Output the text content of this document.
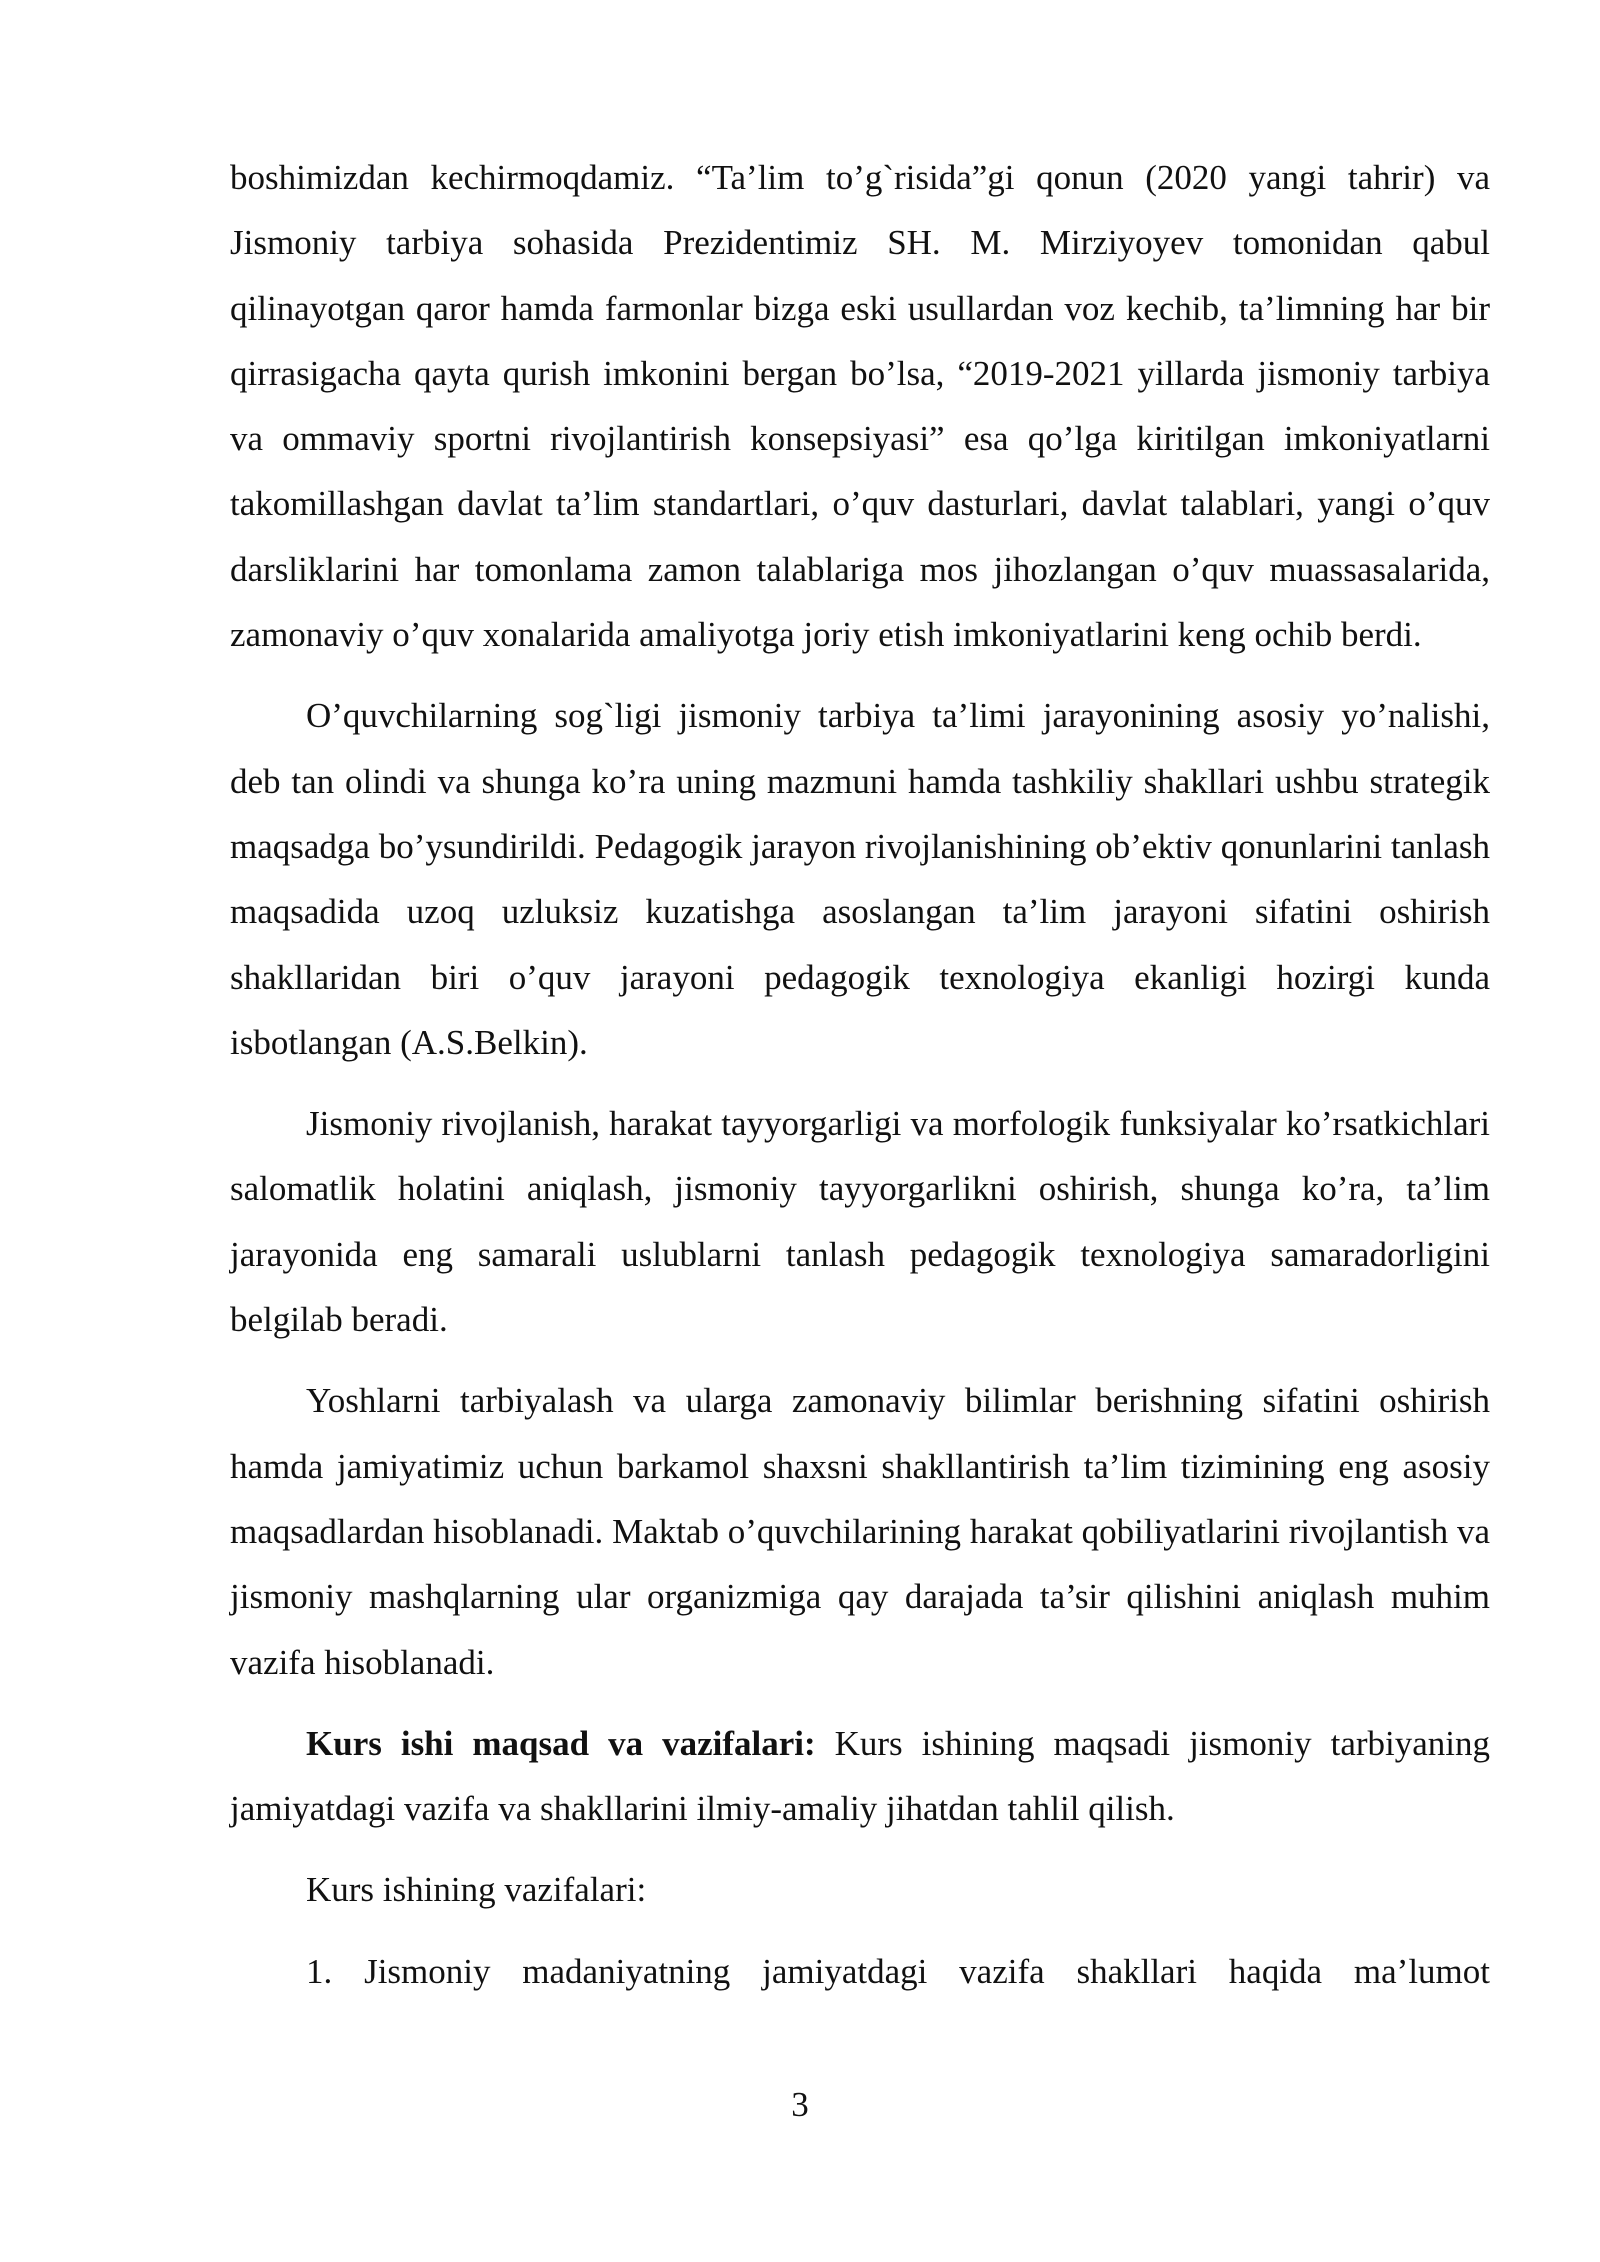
boshimizdan kechirmoqdamiz. “Ta’lim to’g`risida”gi qonun (2020 yangi tahrir) va Jismoniy tarbiya sohasida Prezidentimiz SH. M. Mirziyoyev tomonidan qabul qilinayotgan qaror hamda farmonlar bizga eski usullardan voz kechib, ta’limning har bir qirrasigacha qayta qurish imkonini bergan bo’lsa, “2019-2021 yillarda jismoniy tarbiya va ommaviy sportni rivojlantirish konsepsiyasi” esa qo’lga kiritilgan imkoniyatlarni takomillashgan davlat ta’lim standartlari, o’quv dasturlari, davlat talablari, yangi o’quv darsliklarini har tomonlama zamon talablariga mos jihozlangan o’quv muassasalarida, zamonaviy o’quv xonalarida amaliyotga joriy etish imkoniyatlarini keng ochib berdi.

O’quvchilarning sog`ligi jismoniy tarbiya ta’limi jarayonining asosiy yo’nalishi, deb tan olindi va shunga ko’ra uning mazmuni hamda tashkiliy shakllari ushbu strategik maqsadga bo’ysundirildi. Pedagogik jarayon rivojlanishining ob’ektiv qonunlarini tanlash maqsadida uzoq uzluksiz kuzatishga asoslangan ta’lim jarayoni sifatini oshirish shakllaridan biri o’quv jarayoni pedagogik texnologiya ekanligi hozirgi kunda isbotlangan (A.S.Belkin).

Jismoniy rivojlanish, harakat tayyorgarligi va morfologik funksiyalar ko’rsatkichlari salomatlik holatini aniqlash, jismoniy tayyorgarlikni oshirish, shunga ko’ra, ta’lim jarayonida eng samarali uslublarni tanlash pedagogik texnologiya samaradorligini belgilab beradi.

Yoshlarni tarbiyalash va ularga zamonaviy bilimlar berishning sifatini oshirish hamda jamiyatimiz uchun barkamol shaxsni shakllantirish ta’lim tizimining eng asosiy maqsadlardan hisoblanadi. Maktab o’quvchilarining harakat qobiliyatlarini rivojlantish va jismoniy mashqlarning ular organizmiga qay darajada ta’sir qilishini aniqlash muhim vazifa hisoblanadi.

Kurs ishi maqsad va vazifalari: Kurs ishining maqsadi jismoniy tarbiyaning jamiyatdagi vazifa va shakllarini ilmiy-amaliy jihatdan tahlil qilish.

Kurs ishining vazifalari:

1. Jismoniy madaniyatning jamiyatdagi vazifa shakllari haqida ma’lumot

3
